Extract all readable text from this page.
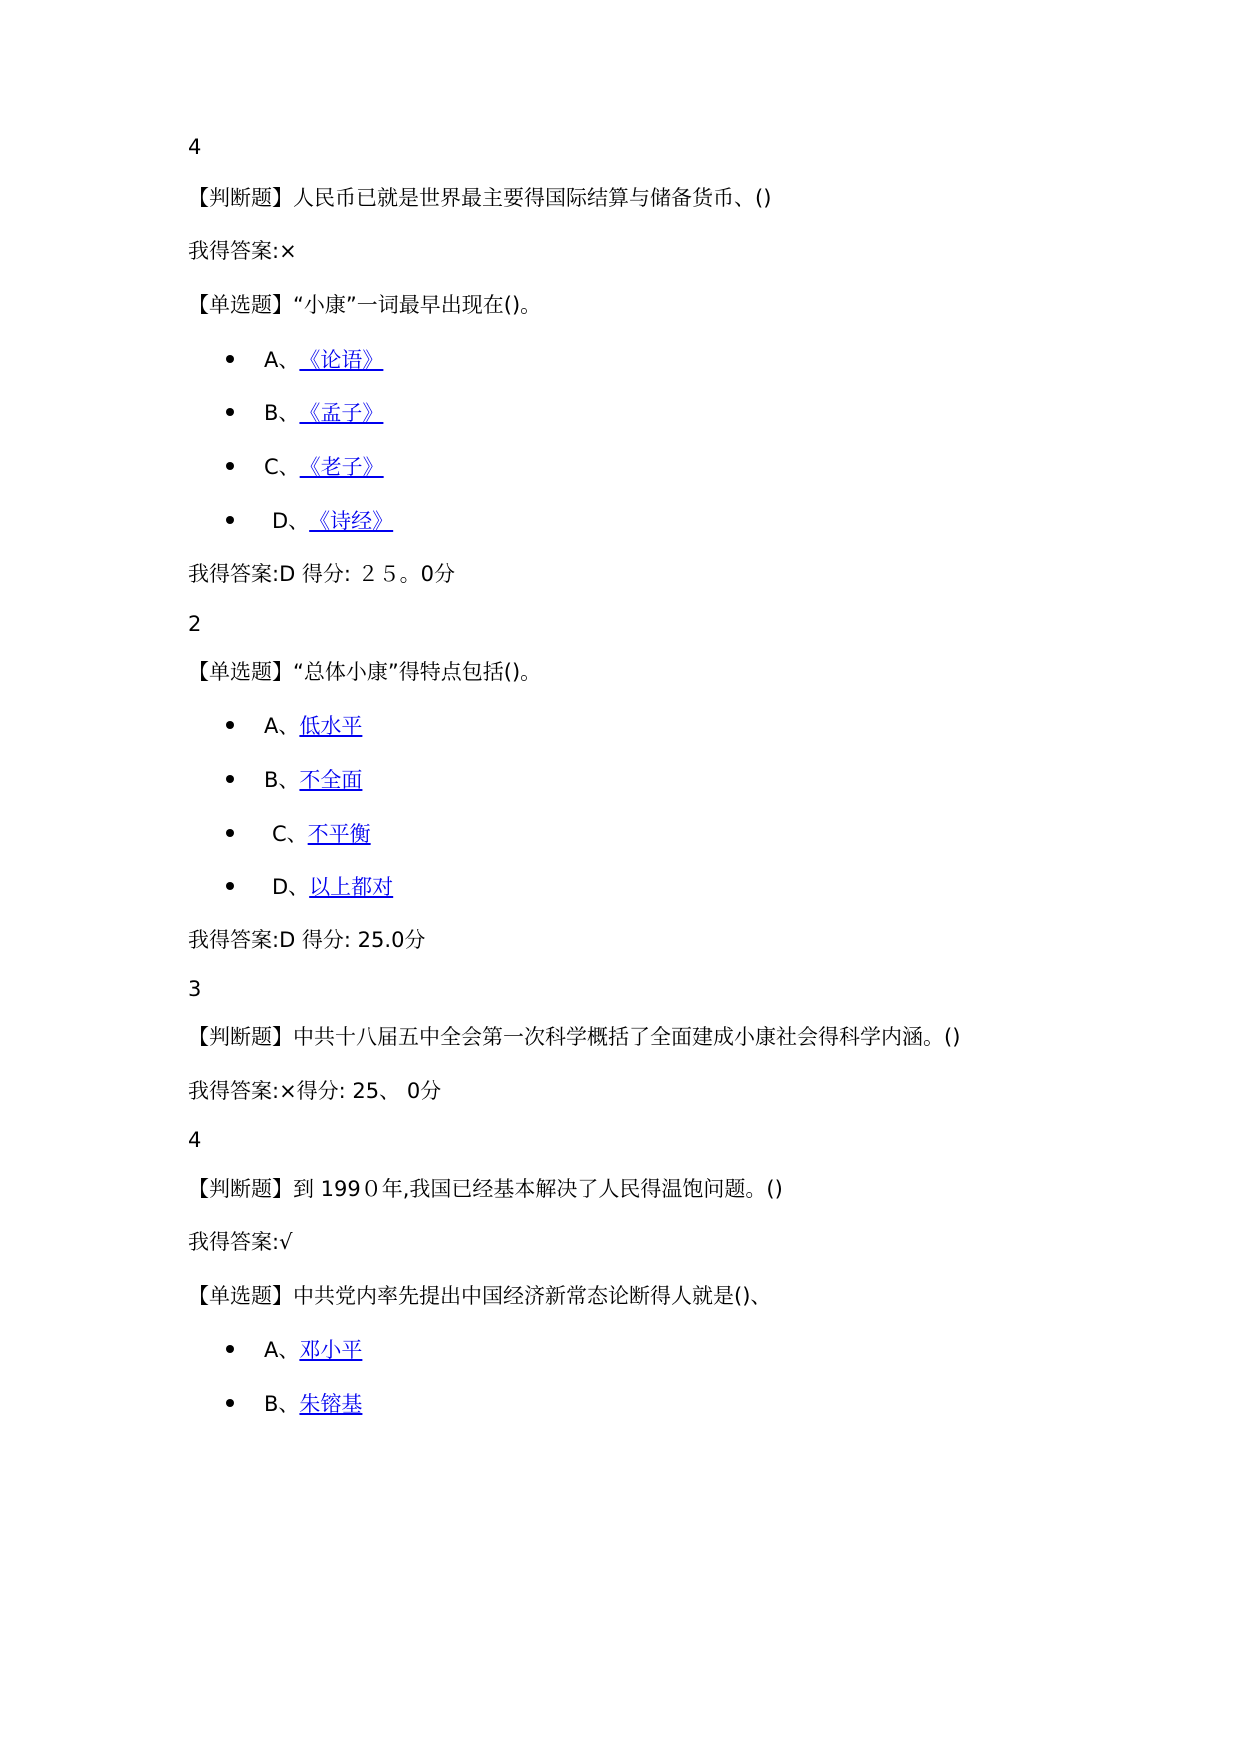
4
【判断题】人民币已就是世界最主要得国际结算与储备货币、()
我得答案:×
【单选题】“小康”一词最早出现在()。
A、《论语》
B、《孟子》
C、《老子》
D、《诗经》
我得答案:D 得分: ２５。0分
2
【单选题】“总体小康”得特点包括()。
A、低水平
B、不全面
C、不平衡
D、以上都对
我得答案:D 得分: 25.0分
3
【判断题】中共十八届五中全会第一次科学概括了全面建成小康社会得科学内涵。()
我得答案:×得分: 25、 0分
4
【判断题】到 199０年,我国已经基本解决了人民得温饱问题。()
我得答案:√
【单选题】中共党内率先提出中国经济新常态论断得人就是()、
A、邓小平
B、朱镕基
